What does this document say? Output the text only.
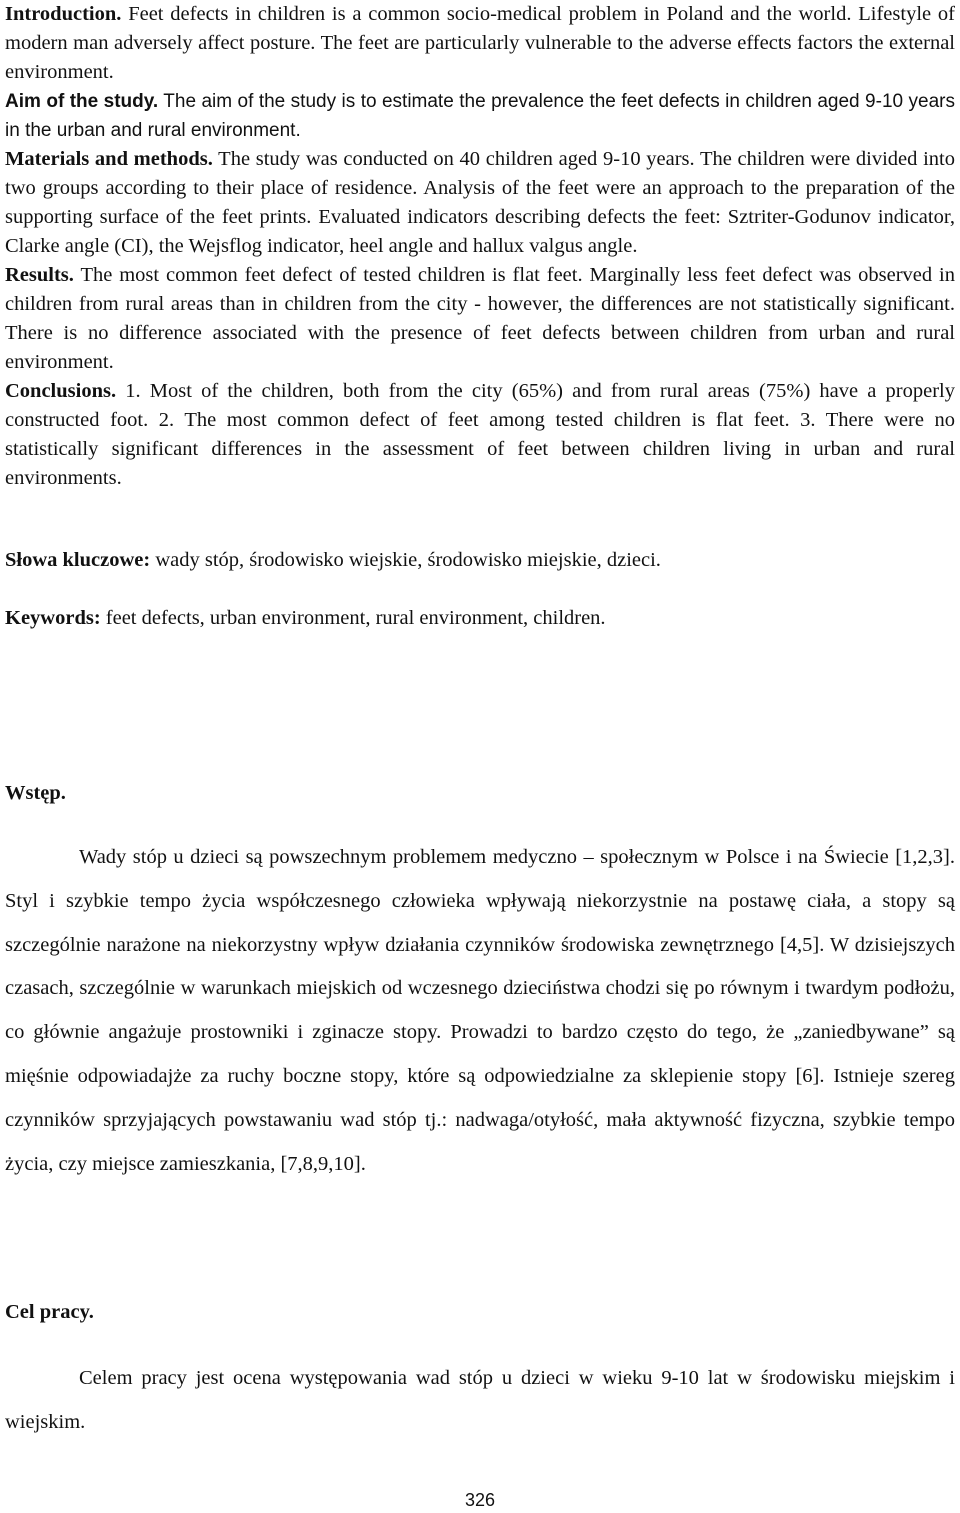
Introduction. Feet defects in children is a common socio-medical problem in Poland and the world. Lifestyle of modern man adversely affect posture. The feet are particularly vulnerable to the adverse effects factors the external environment.
Aim of the study. The aim of the study is to estimate the prevalence the feet defects in children aged 9-10 years in the urban and rural environment.
Materials and methods. The study was conducted on 40 children aged 9-10 years. The children were divided into two groups according to their place of residence. Analysis of the feet were an approach to the preparation of the supporting surface of the feet prints. Evaluated indicators describing defects the feet: Sztriter-Godunov indicator, Clarke angle (CI), the Wejsflog indicator, heel angle and hallux valgus angle.
Results. The most common feet defect of tested children is flat feet. Marginally less feet defect was observed in children from rural areas than in children from the city - however, the differences are not statistically significant. There is no difference associated with the presence of feet defects between children from urban and rural environment.
Conclusions. 1. Most of the children, both from the city (65%) and from rural areas (75%) have a properly constructed foot. 2. The most common defect of feet among tested children is flat feet. 3. There were no statistically significant differences in the assessment of feet between children living in urban and rural environments.

Słowa kluczowe: wady stóp, środowisko wiejskie, środowisko miejskie, dzieci.

Keywords: feet defects, urban environment, rural environment, children.

Wstęp.

Wady stóp u dzieci są powszechnym problemem medyczno – społecznym w Polsce i na Świecie [1,2,3]. Styl i szybkie tempo życia współczesnego człowieka wpływają niekorzystnie na postawę ciała, a stopy są szczególnie narażone na niekorzystny wpływ działania czynników środowiska zewnętrznego [4,5]. W dzisiejszych czasach, szczególnie w warunkach miejskich od wczesnego dzieciństwa chodzi się po równym i twardym podłożu, co głównie angażuje prostowniki i zginacze stopy. Prowadzi to bardzo często do tego, że „zaniedbywane” są mięśnie odpowiadajże za ruchy boczne stopy, które są odpowiedzialne za sklepienie stopy [6]. Istnieje szereg czynników sprzyjających powstawaniu wad stóp tj.: nadwaga/otyłość, mała aktywność fizyczna, szybkie tempo życia, czy miejsce zamieszkania, [7,8,9,10].

Cel pracy.

Celem pracy jest ocena występowania wad stóp u dzieci w wieku 9-10 lat w środowisku miejskim i wiejskim.

326
